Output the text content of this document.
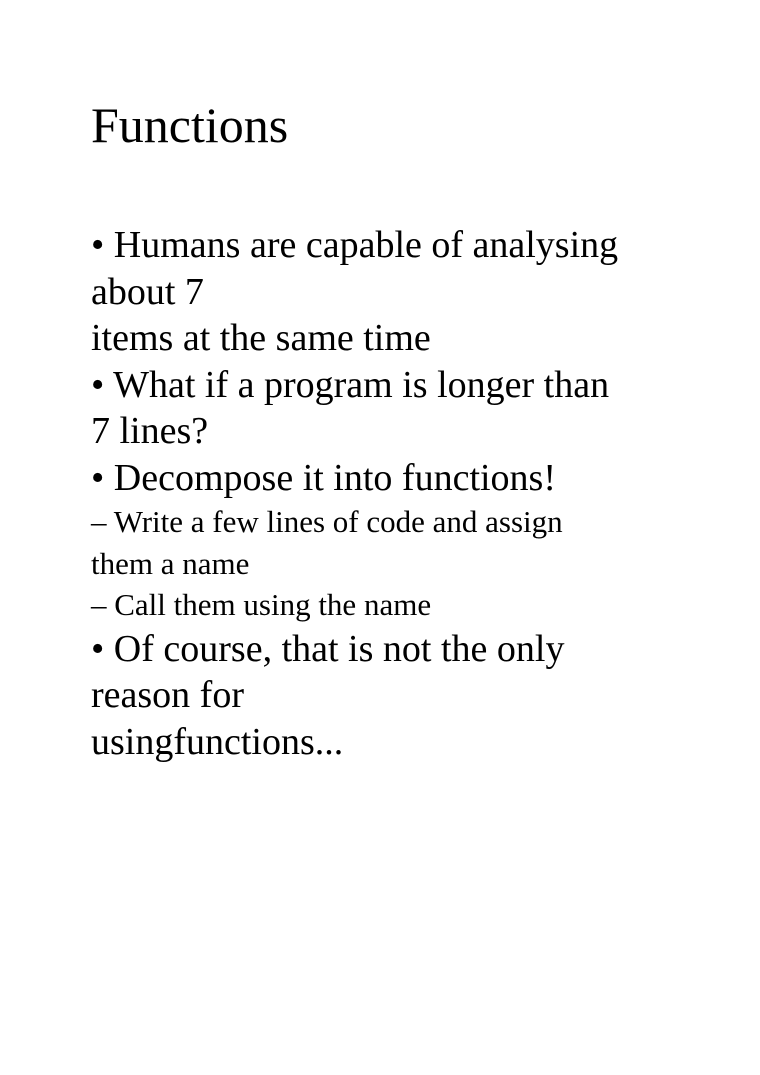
Functions
• Humans are capable of analysing
about 7
items at the same time
• What if a program is longer than
7 lines?
• Decompose it into functions!
– Write a few lines of code and assign
them a name
– Call them using the name
• Of course, that is not the only
reason for
usingfunctions...
